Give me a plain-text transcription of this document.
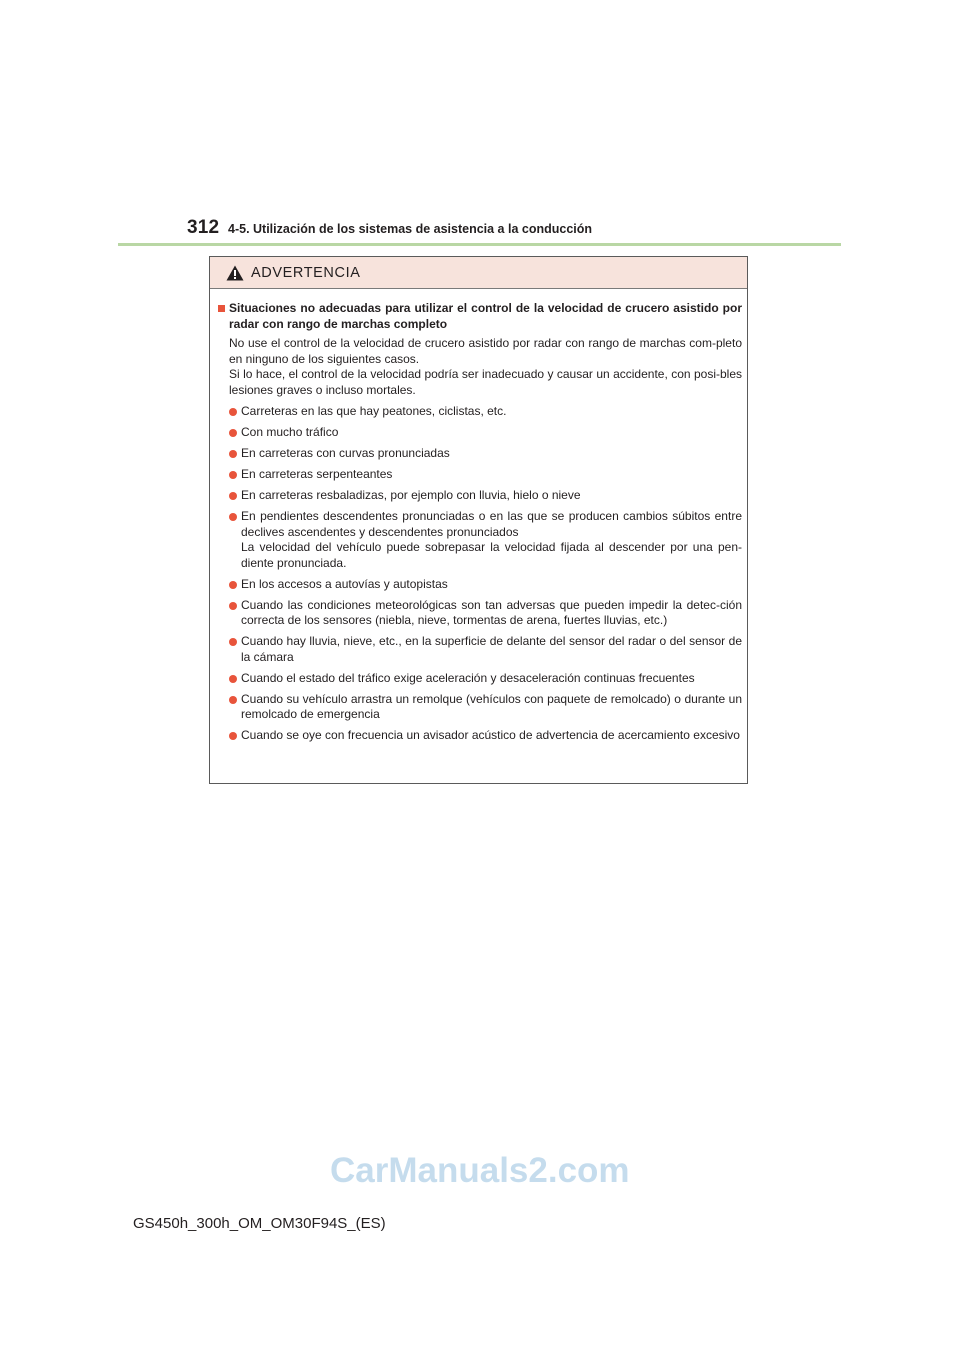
312 4-5. Utilización de los sistemas de asistencia a la conducción
ADVERTENCIA
Situaciones no adecuadas para utilizar el control de la velocidad de crucero asistido por radar con rango de marchas completo
No use el control de la velocidad de crucero asistido por radar con rango de marchas com-pleto en ninguno de los siguientes casos.
Si lo hace, el control de la velocidad podría ser inadecuado y causar un accidente, con posi-bles lesiones graves o incluso mortales.
Carreteras en las que hay peatones, ciclistas, etc.
Con mucho tráfico
En carreteras con curvas pronunciadas
En carreteras serpenteantes
En carreteras resbaladizas, por ejemplo con lluvia, hielo o nieve
En pendientes descendentes pronunciadas o en las que se producen cambios súbitos entre declives ascendentes y descendentes pronunciados
La velocidad del vehículo puede sobrepasar la velocidad fijada al descender por una pen-diente pronunciada.
En los accesos a autovías y autopistas
Cuando las condiciones meteorológicas son tan adversas que pueden impedir la detec-ción correcta de los sensores (niebla, nieve, tormentas de arena, fuertes lluvias, etc.)
Cuando hay lluvia, nieve, etc., en la superficie de delante del sensor del radar o del sensor de la cámara
Cuando el estado del tráfico exige aceleración y desaceleración continuas frecuentes
Cuando su vehículo arrastra un remolque (vehículos con paquete de remolcado) o durante un remolcado de emergencia
Cuando se oye con frecuencia un avisador acústico de advertencia de acercamiento excesivo
CarManuals2.com
GS450h_300h_OM_OM30F94S_(ES)
